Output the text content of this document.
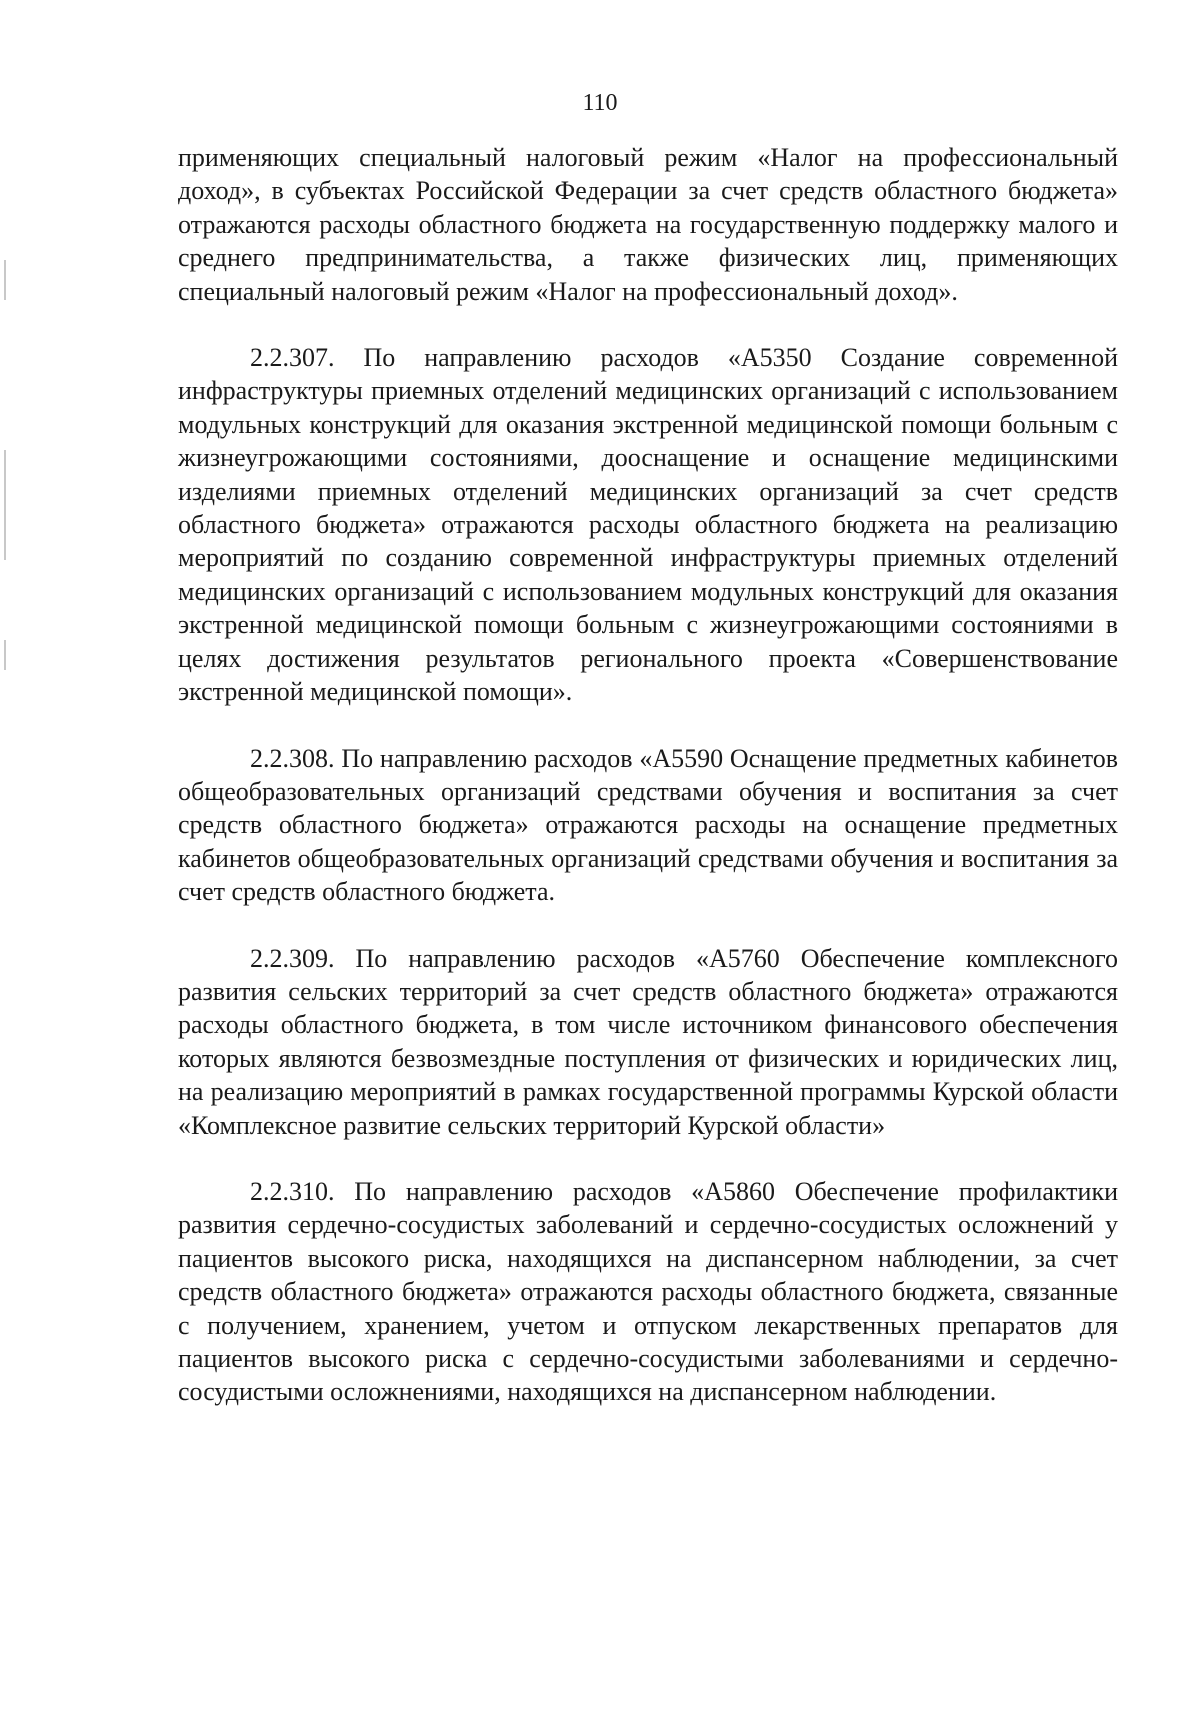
110

применяющих специальный налоговый режим «Налог на профессиональный доход», в субъектах Российской Федерации за счет средств областного бюджета» отражаются расходы областного бюджета на государственную поддержку малого и среднего предпринимательства, а также физических лиц, применяющих специальный налоговый режим «Налог на профессиональный доход».

2.2.307. По направлению расходов «А5350 Создание современной инфраструктуры приемных отделений медицинских организаций с использованием модульных конструкций для оказания экстренной медицинской помощи больным с жизнеугрожающими состояниями, дооснащение и оснащение медицинскими изделиями приемных отделений медицинских организаций за счет средств областного бюджета» отражаются расходы областного бюджета на реализацию мероприятий по созданию современной инфраструктуры приемных отделений медицинских организаций с использованием модульных конструкций для оказания экстренной медицинской помощи больным с жизнеугрожающими состояниями в целях достижения результатов регионального проекта «Совершенствование экстренной медицинской помощи».

2.2.308. По направлению расходов «А5590 Оснащение предметных кабинетов общеобразовательных организаций средствами обучения и воспитания за счет средств областного бюджета» отражаются расходы на оснащение предметных кабинетов общеобразовательных организаций средствами обучения и воспитания за счет средств областного бюджета.

2.2.309. По направлению расходов «А5760 Обеспечение комплексного развития сельских территорий за счет средств областного бюджета» отражаются расходы областного бюджета, в том числе источником финансового обеспечения которых являются безвозмездные поступления от физических и юридических лиц, на реализацию мероприятий в рамках государственной программы Курской области «Комплексное развитие сельских территорий Курской области»

2.2.310. По направлению расходов «А5860 Обеспечение профилактики развития сердечно-сосудистых заболеваний и сердечно-сосудистых осложнений у пациентов высокого риска, находящихся на диспансерном наблюдении, за счет средств областного бюджета» отражаются расходы областного бюджета, связанные с получением, хранением, учетом и отпуском лекарственных препаратов для пациентов высокого риска с сердечно-сосудистыми заболеваниями и сердечно-сосудистыми осложнениями, находящихся на диспансерном наблюдении.
